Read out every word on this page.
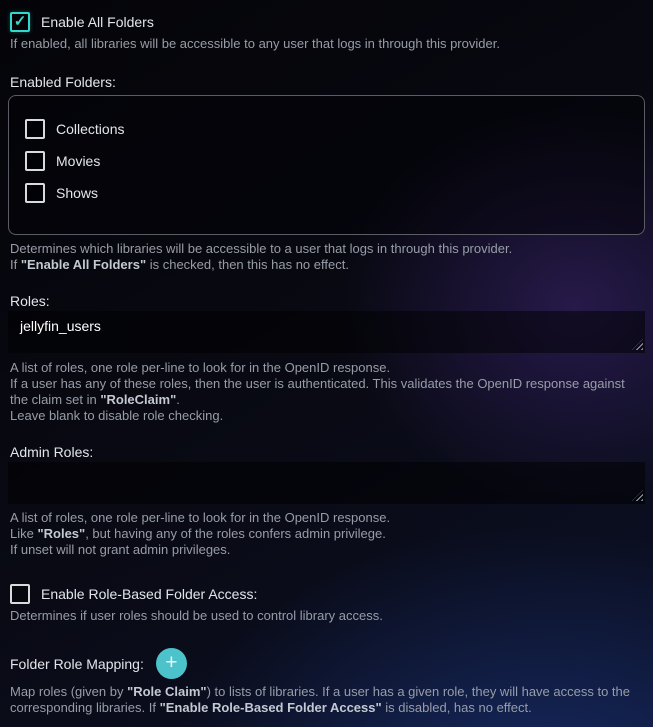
✓ Enable All Folders
If enabled, all libraries will be accessible to any user that logs in through this provider.
Enabled Folders:
Collections
Movies
Shows
Determines which libraries will be accessible to a user that logs in through this provider.
If "Enable All Folders" is checked, then this has no effect.
Roles:
jellyfin_users
A list of roles, one role per-line to look for in the OpenID response.
If a user has any of these roles, then the user is authenticated. This validates the OpenID response against the claim set in "RoleClaim".
Leave blank to disable role checking.
Admin Roles:
A list of roles, one role per-line to look for in the OpenID response.
Like "Roles", but having any of the roles confers admin privilege.
If unset will not grant admin privileges.
Enable Role-Based Folder Access:
Determines if user roles should be used to control library access.
Folder Role Mapping: +
Map roles (given by "Role Claim") to lists of libraries. If a user has a given role, they will have access to the corresponding libraries. If "Enable Role-Based Folder Access" is disabled, has no effect.
